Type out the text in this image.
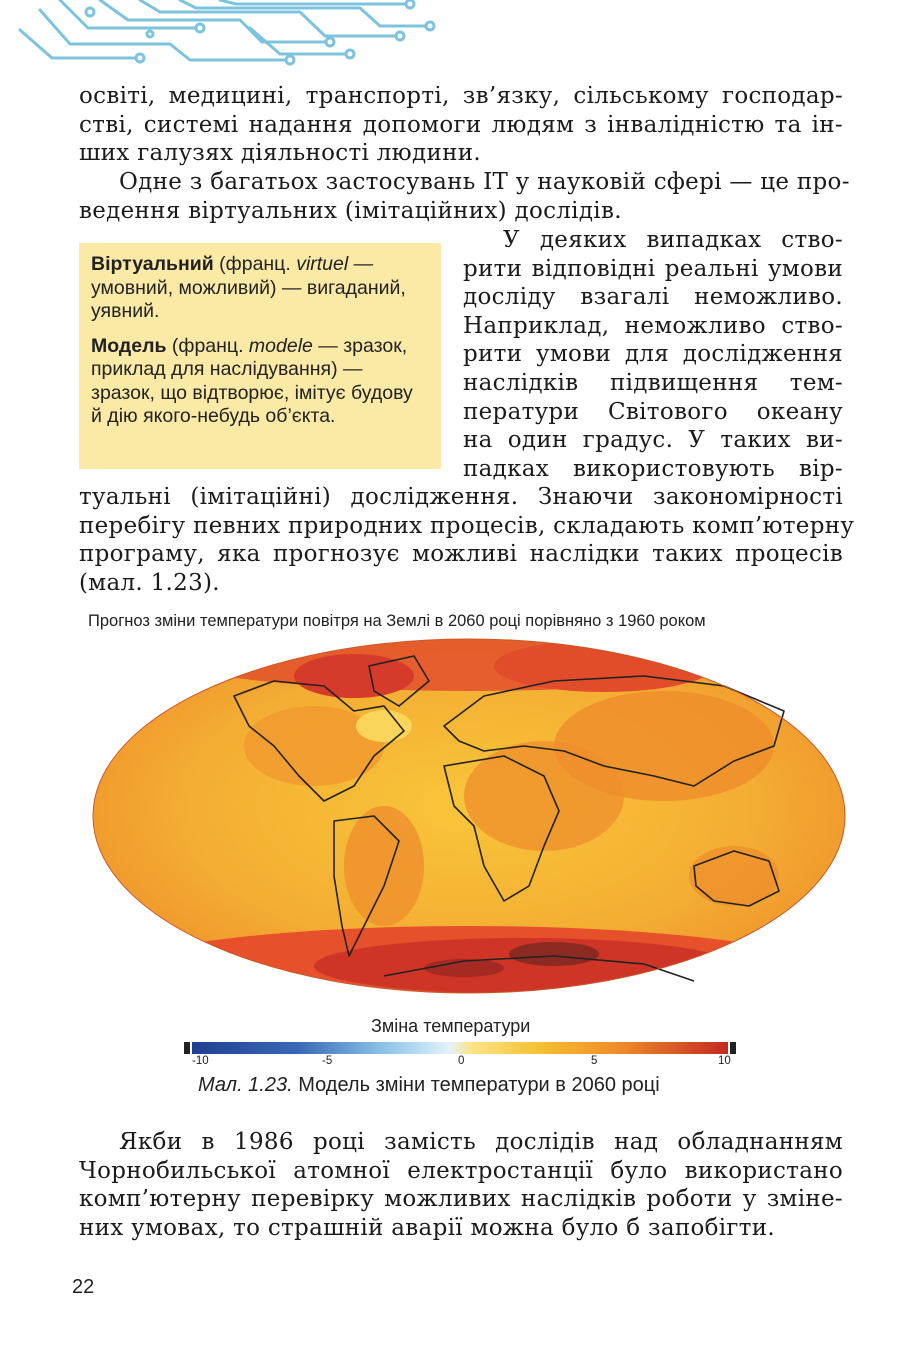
освіті, медицині, транспорті, зв’язку, сільському господар-
стві, системі надання допомоги людям з інвалідністю та ін-
ших галузях діяльності людини.
Одне з багатьох застосувань ІТ у науковій сфері — це про-
ведення віртуальних (імітаційних) дослідів.

Віртуальний (франц. virtuel — умовний, можливий) — вигаданий, уявний.

Модель (франц. modele — зразок, приклад для наслідування) — зразок, що відтворює, імітує будову й дію якого-небудь об’єкта.

У деяких випадках ство-
рити відповідні реальні умови
досліду взагалі неможливо.
Наприклад, неможливо ство-
рити умови для дослідження
наслідків підвищення тем-
ператури Світового океану
на один градус. У таких ви-
падках використовують вір-
туальні (імітаційні) дослідження. Знаючи закономірності
перебігу певних природних процесів, складають комп’ютерну
програму, яка прогнозує можливі наслідки таких процесів
(мал. 1.23).
Прогноз зміни температури повітря на Землі в 2060 році порівняно з 1960 роком
Зміна температури
-10	-5	0	5	10
Мал. 1.23. Модель зміни температури в 2060 році
Якби в 1986 році замість дослідів над обладнанням
Чорнобильської атомної електростанції було використано
комп’ютерну перевірку можливих наслідків роботи у зміне-
них умовах, то страшній аварії можна було б запобігти.
22
